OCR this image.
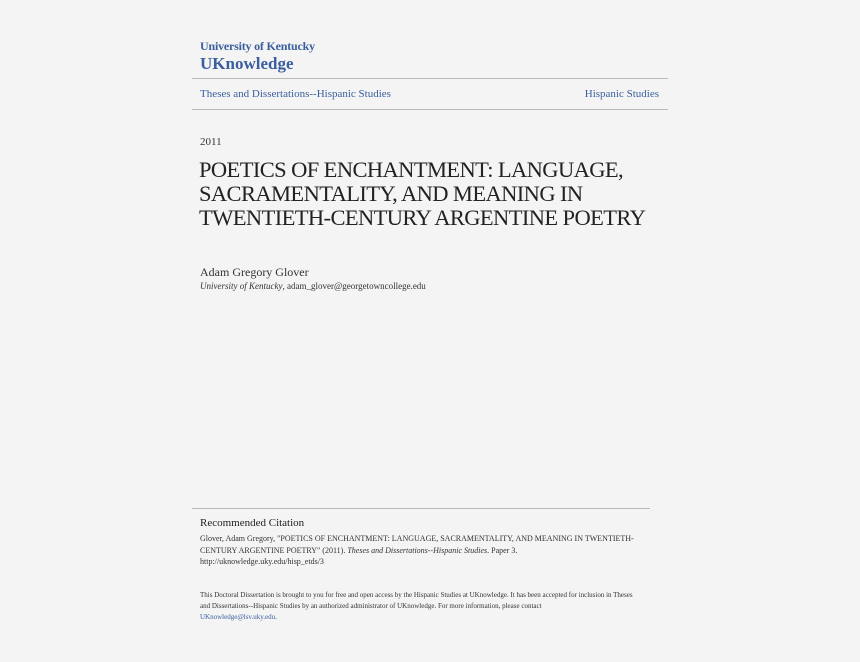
University of Kentucky
UKnowledge
Theses and Dissertations--Hispanic Studies	Hispanic Studies
2011
POETICS OF ENCHANTMENT: LANGUAGE, SACRAMENTALITY, AND MEANING IN TWENTIETH-CENTURY ARGENTINE POETRY
Adam Gregory Glover
University of Kentucky, adam_glover@georgetowncollege.edu
Recommended Citation
Glover, Adam Gregory, "POETICS OF ENCHANTMENT: LANGUAGE, SACRAMENTALITY, AND MEANING IN TWENTIETH-CENTURY ARGENTINE POETRY" (2011). Theses and Dissertations--Hispanic Studies. Paper 3.
http://uknowledge.uky.edu/hisp_etds/3
This Doctoral Dissertation is brought to you for free and open access by the Hispanic Studies at UKnowledge. It has been accepted for inclusion in Theses and Dissertations--Hispanic Studies by an authorized administrator of UKnowledge. For more information, please contact
UKnowledge@lsv.uky.edu.
